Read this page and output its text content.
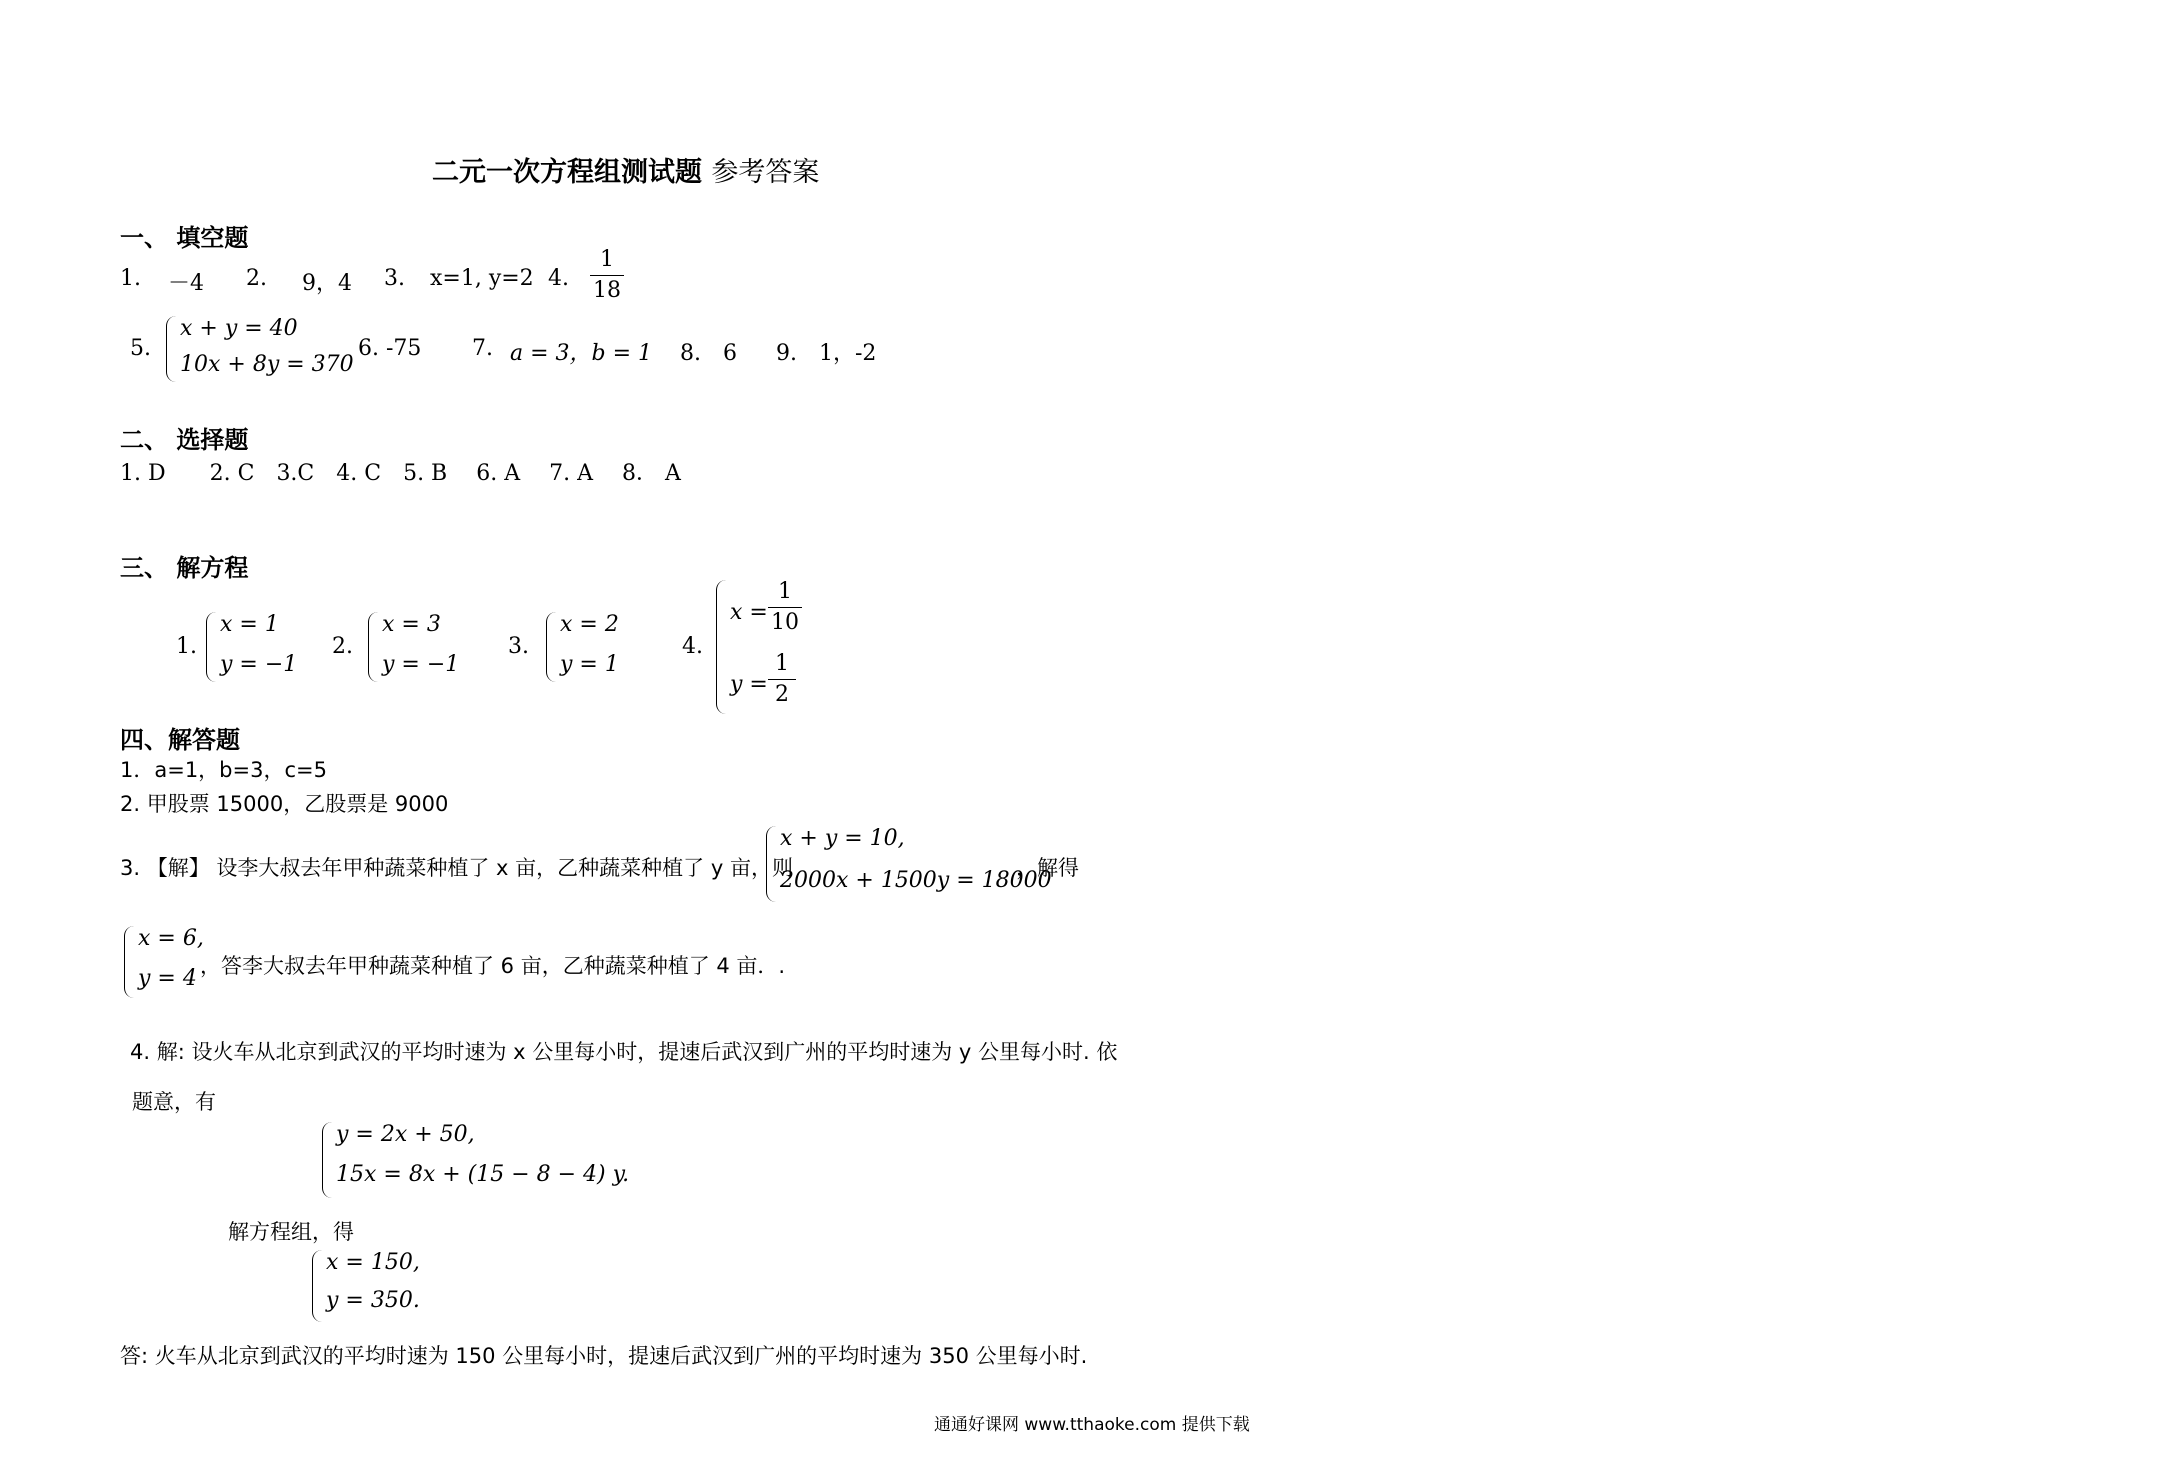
二元一次方程组测试题 参考答案
一、 填空题
1. －4 2. 9，4 3. x=1, y=2 4.
1
18
5.
x + y = 40
10x + 8y = 370
6. -75 7. a = 3，b = 1 8.　6 9.　1，-2
二、 选择题
1. D　　2. C　3.C　4. C　5. B　 6. A　 7. A　 8． A
三、 解方程
1.
x = 1
y = −1
2.
x = 3
y = −1
3.
x = 2
y = 1
4.
x =
1
10
y =
1
2
四、解答题
1．a=1，b=3，c=5
2. 甲股票 15000，乙股票是 9000
3. 【解】 设李大叔去年甲种蔬菜种植了 x 亩，乙种蔬菜种植了 y 亩，则
x + y = 10,
2000x + 1500y = 18000
，解得
x = 6,
y = 4 ，答李大叔去年甲种蔬菜种植了 6 亩，乙种蔬菜种植了 4 亩．.
4. 解: 设火车从北京到武汉的平均时速为 x 公里每小时，提速后武汉到广州的平均时速为 y 公里每小时. 依
题意，有
y = 2x + 50,
15x = 8x + (15 − 8 − 4) y.
解方程组，得
x = 150,
y = 350.
答: 火车从北京到武汉的平均时速为 150 公里每小时，提速后武汉到广州的平均时速为 350 公里每小时.
通通好课网 www.tthaoke.com 提供下载
